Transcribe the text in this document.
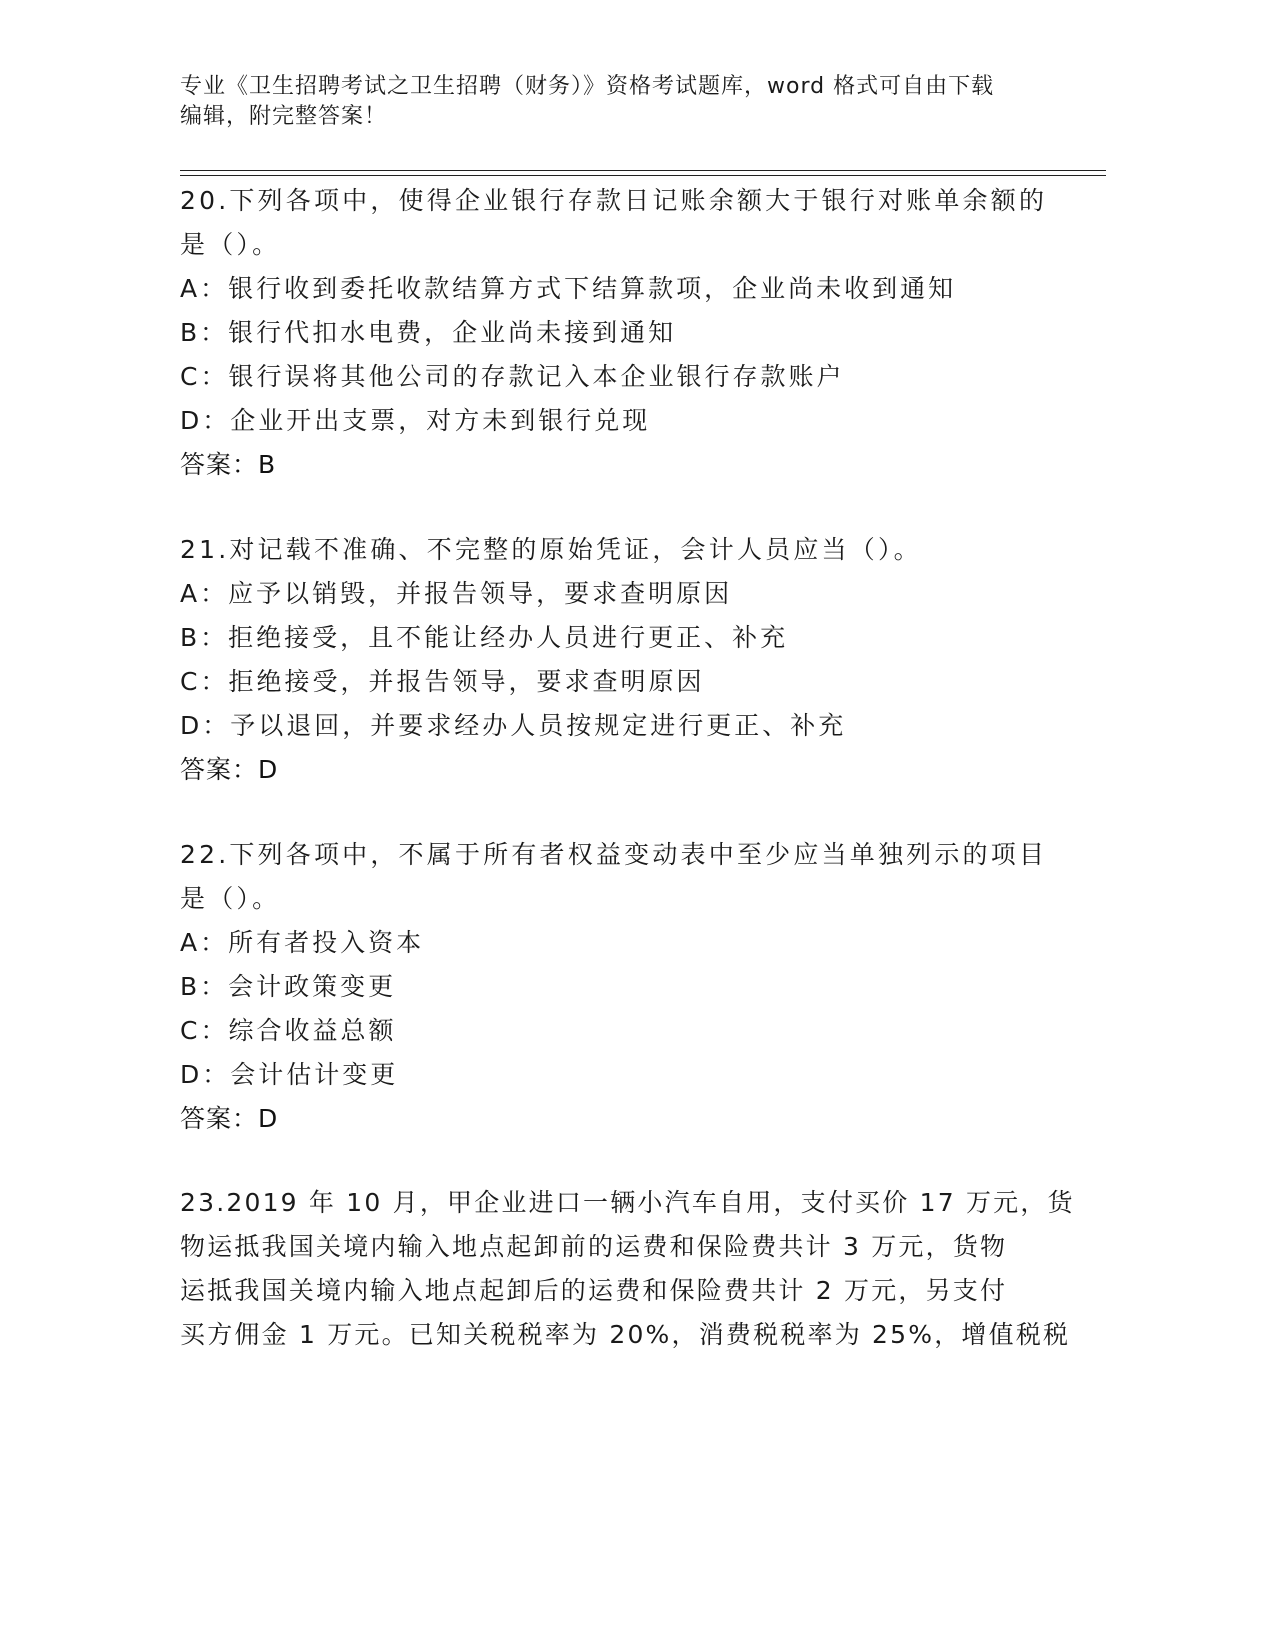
专业《卫生招聘考试之卫生招聘（财务）》资格考试题库，word 格式可自由下载
编辑，附完整答案！
20.下列各项中，使得企业银行存款日记账余额大于银行对账单余额的
是（）。
A：银行收到委托收款结算方式下结算款项，企业尚未收到通知
B：银行代扣水电费，企业尚未接到通知
C：银行误将其他公司的存款记入本企业银行存款账户
D：企业开出支票，对方未到银行兑现
答案：B
21.对记载不准确、不完整的原始凭证，会计人员应当（）。
A：应予以销毁，并报告领导，要求查明原因
B：拒绝接受，且不能让经办人员进行更正、补充
C：拒绝接受，并报告领导，要求查明原因
D：予以退回，并要求经办人员按规定进行更正、补充
答案：D
22.下列各项中，不属于所有者权益变动表中至少应当单独列示的项目
是（）。
A：所有者投入资本
B：会计政策变更
C：综合收益总额
D：会计估计变更
答案：D
23.2019 年 10 月，甲企业进口一辆小汽车自用，支付买价 17 万元，货
物运抵我国关境内输入地点起卸前的运费和保险费共计 3 万元，货物
运抵我国关境内输入地点起卸后的运费和保险费共计 2 万元，另支付
买方佣金 1 万元。已知关税税率为 20%，消费税税率为 25%，增值税税
